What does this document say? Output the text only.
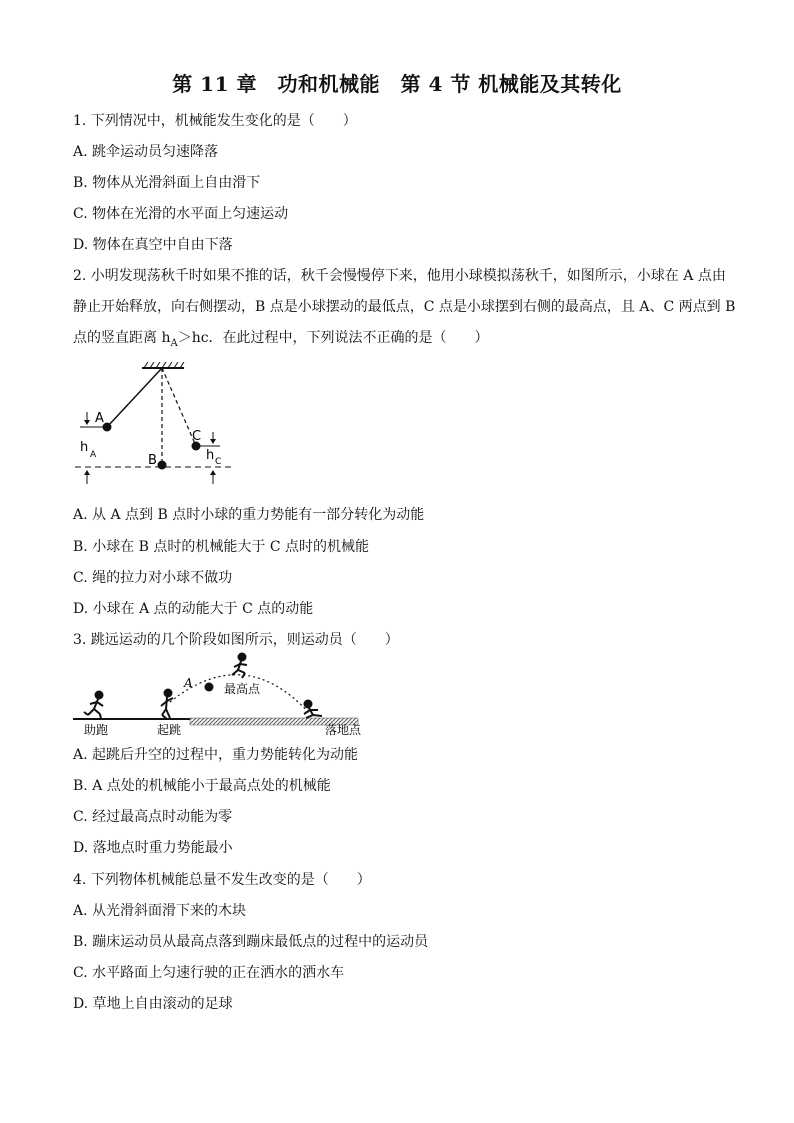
第 11 章　功和机械能　第 4 节 机械能及其转化
1. 下列情况中，机械能发生变化的是（　　）
A. 跳伞运动员匀速降落
B. 物体从光滑斜面上自由滑下
C. 物体在光滑的水平面上匀速运动
D. 物体在真空中自由下落
2. 小明发现荡秋千时如果不推的话，秋千会慢慢停下来，他用小球模拟荡秋千，如图所示，小球在 A 点由
静止开始释放，向右侧摆动，B 点是小球摆动的最低点，C 点是小球摆到右侧的最高点，且 A、C 两点到 B
点的竖直距离 $h_A>hc$．在此过程中，下列说法不正确的是（　　）
A
B
C
h A	h C
A. 从 A 点到 B 点时小球的重力势能有一部分转化为动能
B. 小球在 B 点时的机械能大于 C 点时的机械能
C. 绳的拉力对小球不做功
D. 小球在 A 点的动能大于 C 点的动能
3. 跳远运动的几个阶段如图所示，则运动员（　　）
助跑	起跳
A	最高点
落地点
A. 起跳后升空的过程中，重力势能转化为动能
B. A 点处的机械能小于最高点处的机械能
C. 经过最高点时动能为零
D. 落地点时重力势能最小
4. 下列物体机械能总量不发生改变的是（　　）
A. 从光滑斜面滑下来的木块
B. 蹦床运动员从最高点落到蹦床最低点的过程中的运动员
C. 水平路面上匀速行驶的正在洒水的洒水车
D. 草地上自由滚动的足球
